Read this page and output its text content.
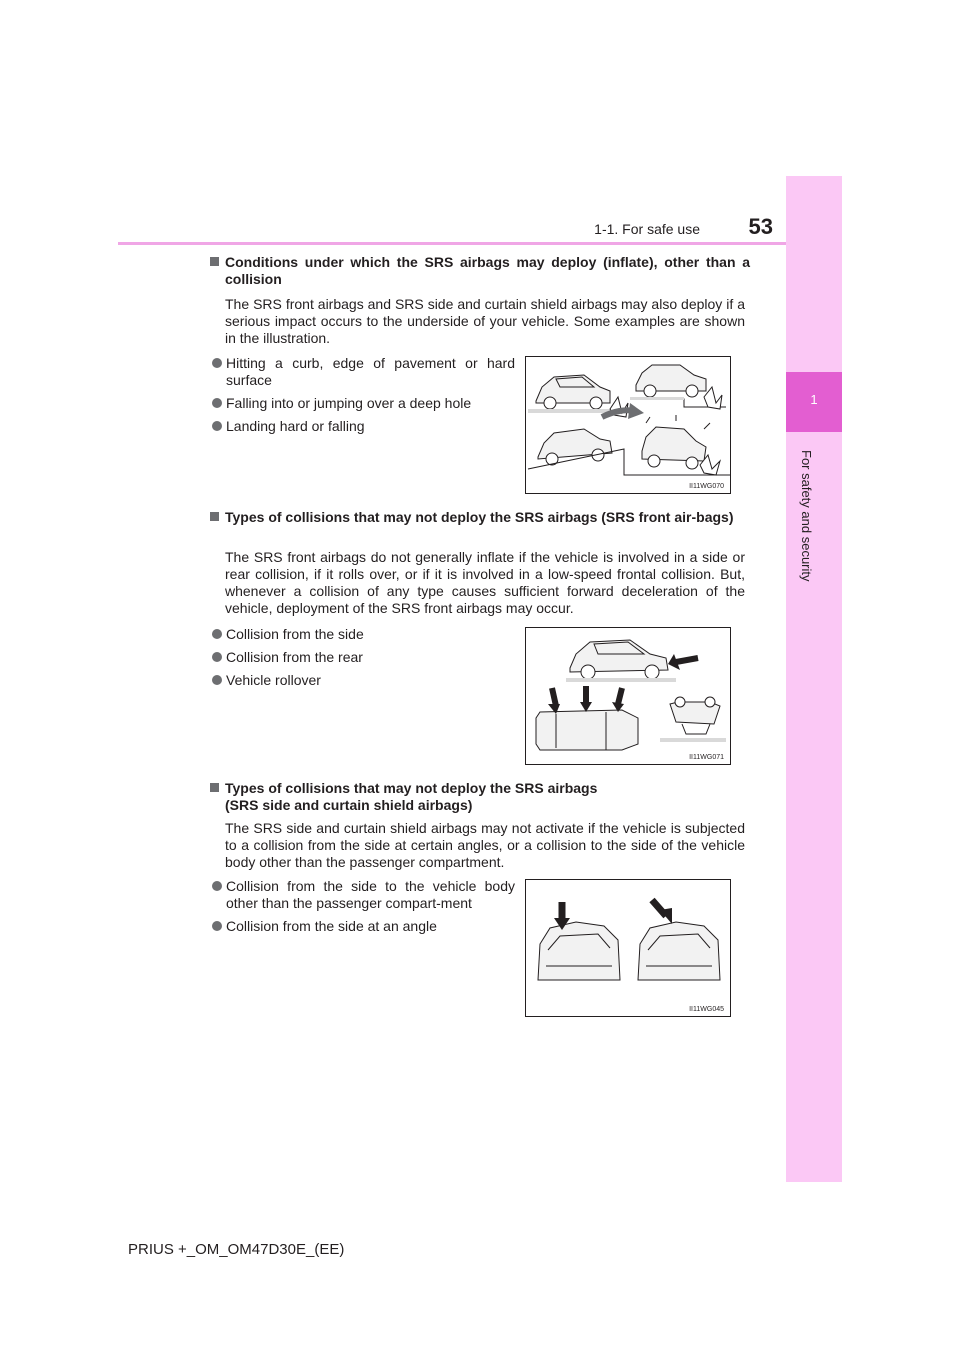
1-1. For safe use	53
1
For safety and security
Conditions under which the SRS airbags may deploy (inflate), other than a collision

The SRS front airbags and SRS side and curtain shield airbags may also deploy if a serious impact occurs to the underside of your vehicle. Some examples are shown in the illustration.

Hitting a curb, edge of pavement or hard surface
Falling into or jumping over a deep hole
Landing hard or falling
II11WG070
Types of collisions that may not deploy the SRS airbags (SRS front air-bags)

The SRS front airbags do not generally inflate if the vehicle is involved in a side or rear collision, if it rolls over, or if it is involved in a low-speed frontal collision. But, whenever a collision of any type causes sufficient forward deceleration of the vehicle, deployment of the SRS front airbags may occur.

Collision from the side
Collision from the rear
Vehicle rollover
II11WG071
Types of collisions that may not deploy the SRS airbags
(SRS side and curtain shield airbags)

The SRS side and curtain shield airbags may not activate if the vehicle is subjected to a collision from the side at certain angles, or a collision to the side of the vehicle body other than the passenger compartment.

Collision from the side to the vehicle body other than the passenger compart-ment
Collision from the side at an angle
II11WG045
PRIUS +_OM_OM47D30E_(EE)
